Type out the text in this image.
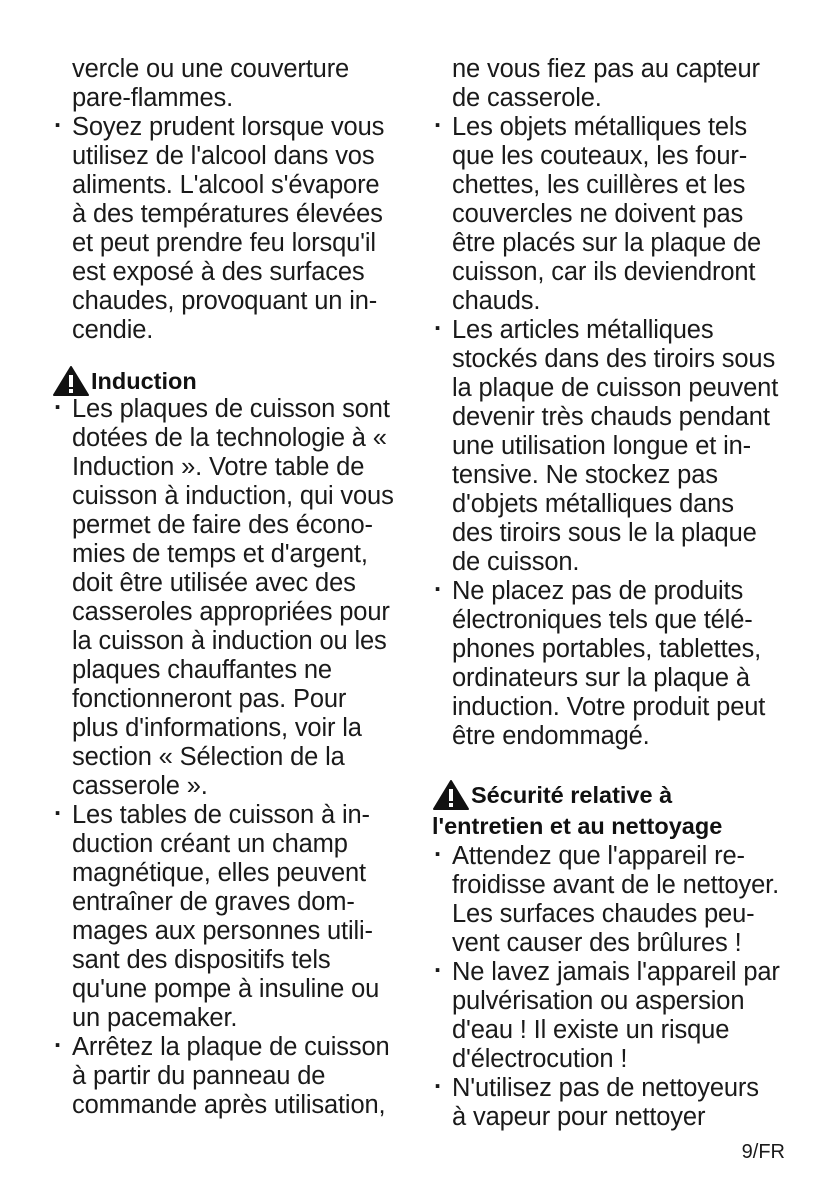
vercle ou une couverture
pare-flammes.
· Soyez prudent lorsque vous
utilisez de l'alcool dans vos
aliments. L'alcool s'évapore
à des températures élevées
et peut prendre feu lorsqu'il
est exposé à des surfaces
chaudes, provoquant un in-
cendie.
Induction
· Les plaques de cuisson sont
dotées de la technologie à «
Induction ». Votre table de
cuisson à induction, qui vous
permet de faire des écono-
mies de temps et d'argent,
doit être utilisée avec des
casseroles appropriées pour
la cuisson à induction ou les
plaques chauffantes ne
fonctionneront pas. Pour
plus d'informations, voir la
section « Sélection de la
casserole ».
· Les tables de cuisson à in-
duction créant un champ
magnétique, elles peuvent
entraîner de graves dom-
mages aux personnes utili-
sant des dispositifs tels
qu'une pompe à insuline ou
un pacemaker.
· Arrêtez la plaque de cuisson
à partir du panneau de
commande après utilisation,
ne vous fiez pas au capteur
de casserole.
· Les objets métalliques tels
que les couteaux, les four-
chettes, les cuillères et les
couvercles ne doivent pas
être placés sur la plaque de
cuisson, car ils deviendront
chauds.
· Les articles métalliques
stockés dans des tiroirs sous
la plaque de cuisson peuvent
devenir très chauds pendant
une utilisation longue et in-
tensive. Ne stockez pas
d'objets métalliques dans
des tiroirs sous le la plaque
de cuisson.
· Ne placez pas de produits
électroniques tels que télé-
phones portables, tablettes,
ordinateurs sur la plaque à
induction. Votre produit peut
être endommagé.
Sécurité relative à
l'entretien et au nettoyage
· Attendez que l'appareil re-
froidisse avant de le nettoyer.
Les surfaces chaudes peu-
vent causer des brûlures !
· Ne lavez jamais l'appareil par
pulvérisation ou aspersion
d'eau ! Il existe un risque
d'électrocution !
· N'utilisez pas de nettoyeurs
à vapeur pour nettoyer
9/FR
